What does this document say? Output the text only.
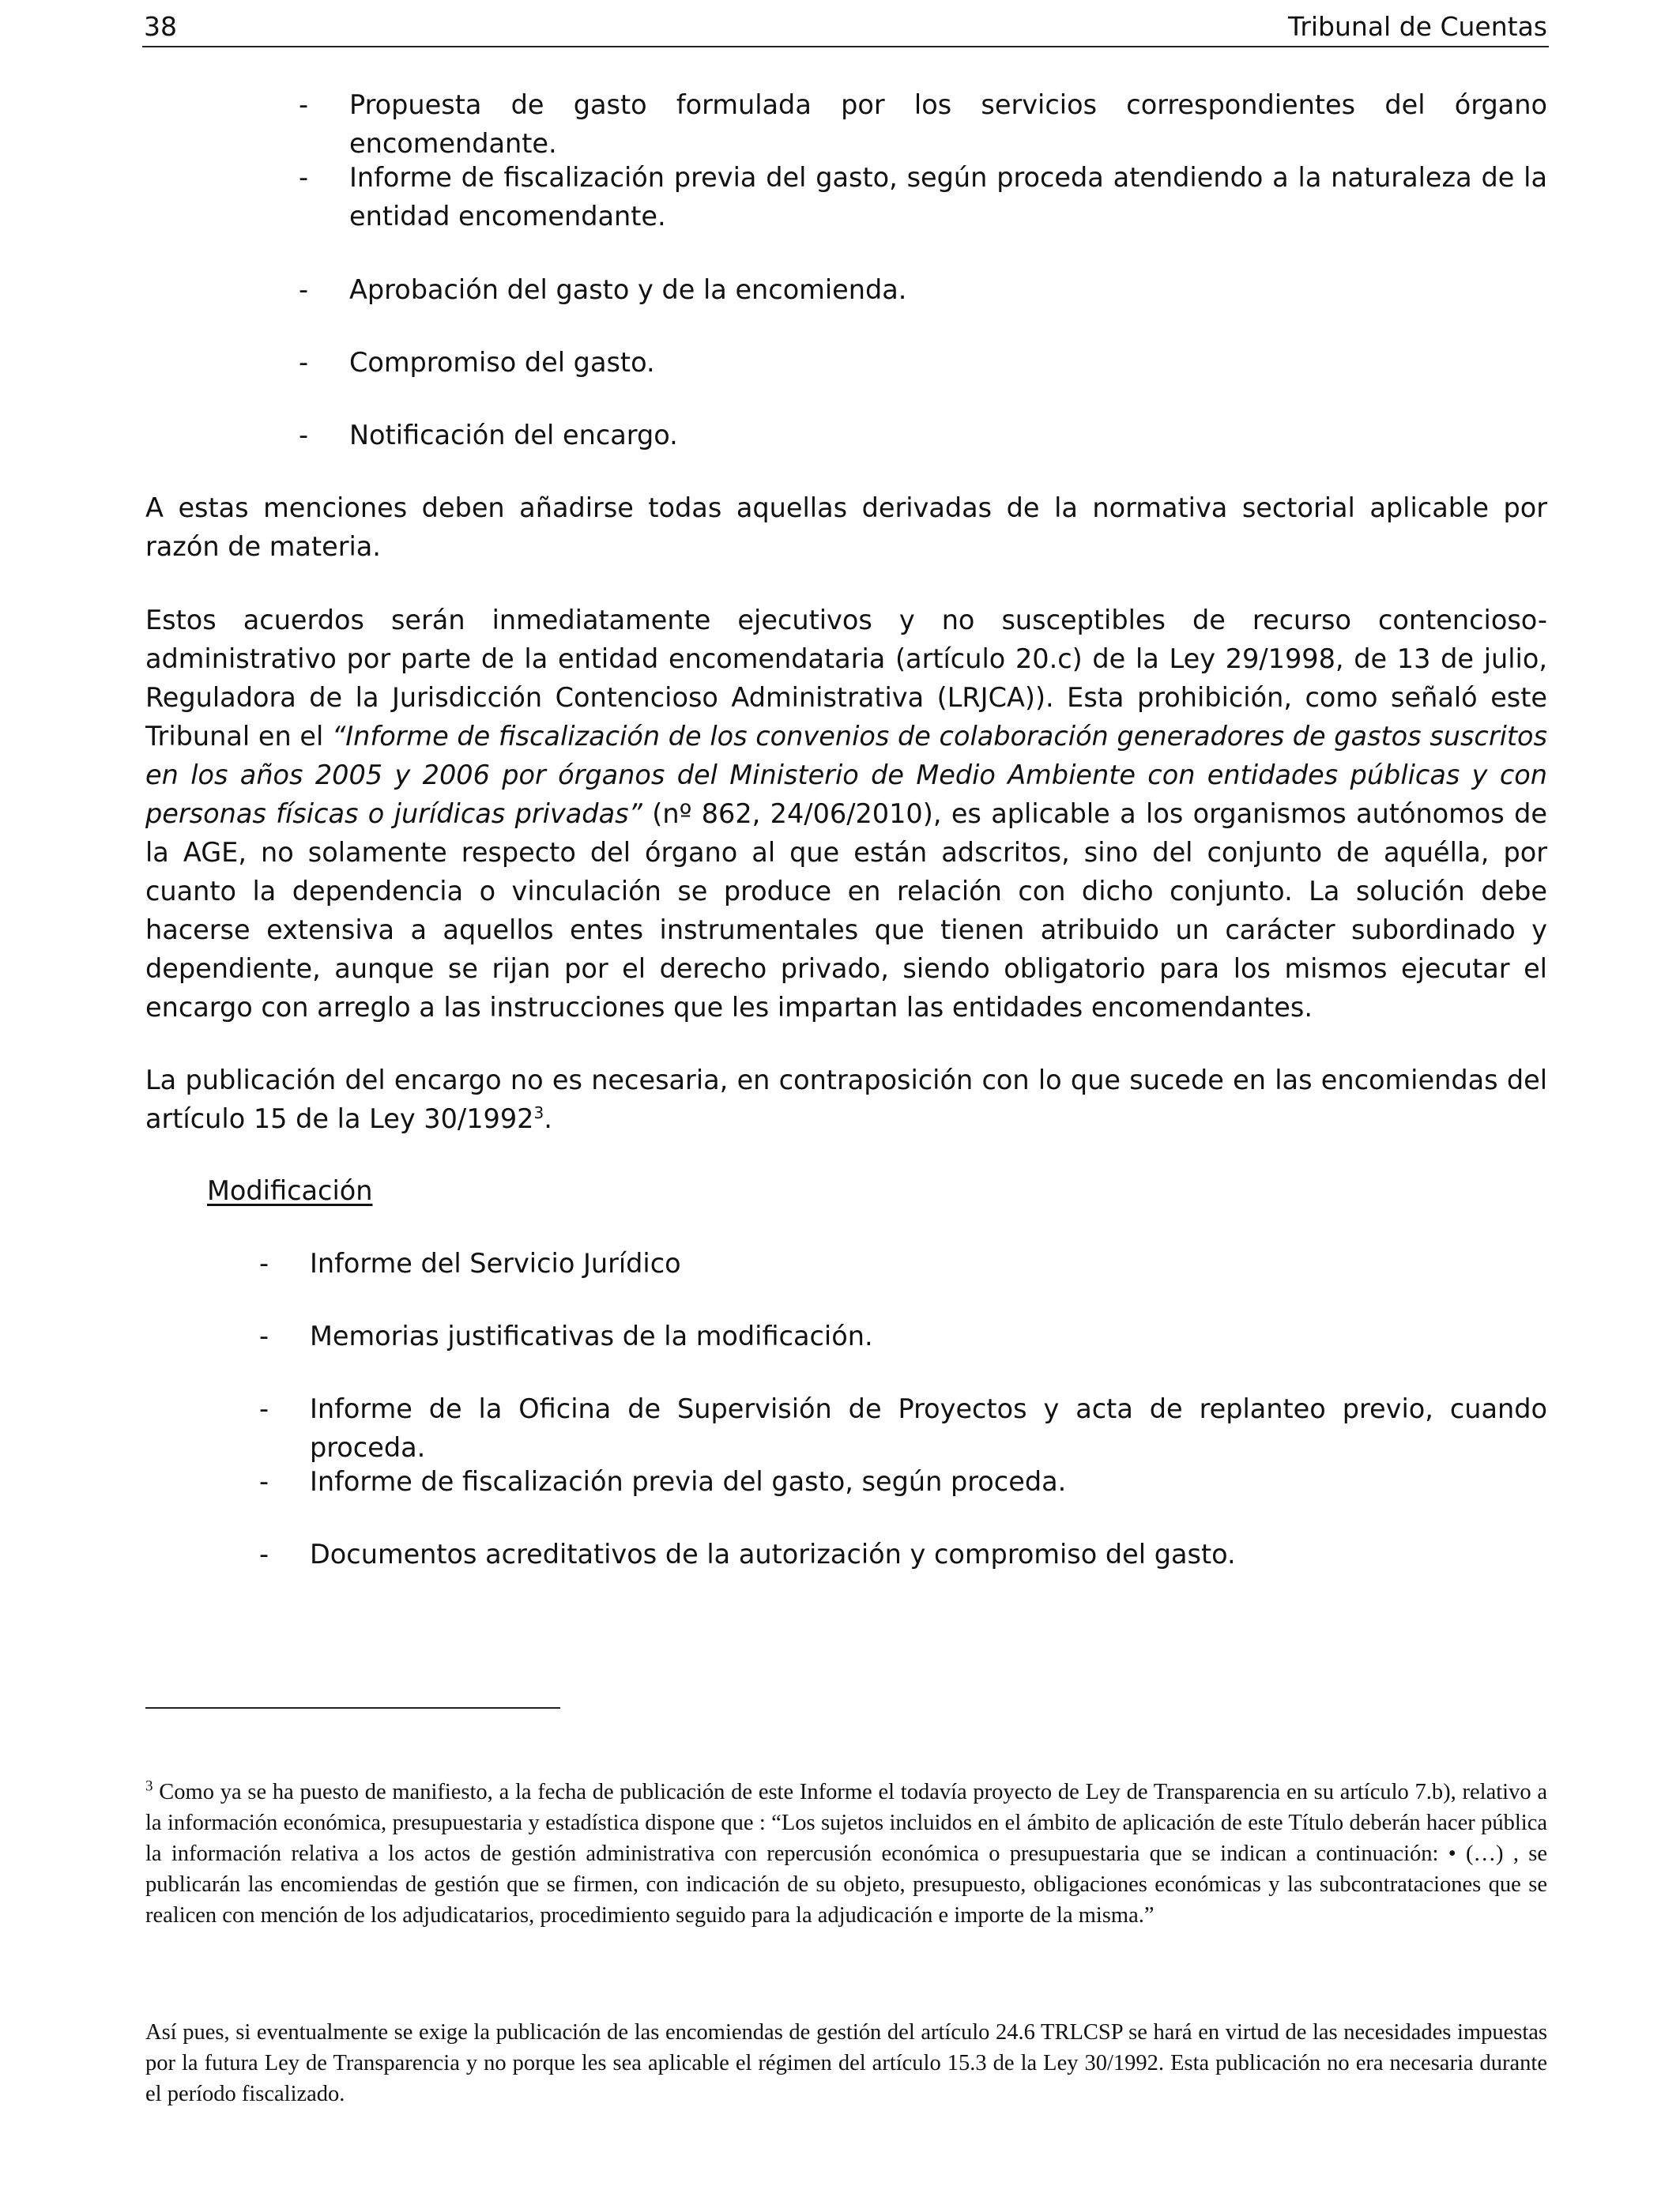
38	Tribunal de Cuentas
- Propuesta de gasto formulada por los servicios correspondientes del órgano encomendante.
- Informe de fiscalización previa del gasto, según proceda atendiendo a la naturaleza de la entidad encomendante.
- Aprobación del gasto y de la encomienda.
- Compromiso del gasto.
- Notificación del encargo.
A estas menciones deben añadirse todas aquellas derivadas de la normativa sectorial aplicable por razón de materia.
Estos acuerdos serán inmediatamente ejecutivos y no susceptibles de recurso contencioso-administrativo por parte de la entidad encomendataria (artículo 20.c) de la Ley 29/1998, de 13 de julio, Reguladora de la Jurisdicción Contencioso Administrativa (LRJCA)). Esta prohibición, como señaló este Tribunal en el “Informe de fiscalización de los convenios de colaboración generadores de gastos suscritos en los años 2005 y 2006 por órganos del Ministerio de Medio Ambiente con entidades públicas y con personas físicas o jurídicas privadas” (nº 862, 24/06/2010), es aplicable a los organismos autónomos de la AGE, no solamente respecto del órgano al que están adscritos, sino del conjunto de aquélla, por cuanto la dependencia o vinculación se produce en relación con dicho conjunto. La solución debe hacerse extensiva a aquellos entes instrumentales que tienen atribuido un carácter subordinado y dependiente, aunque se rijan por el derecho privado, siendo obligatorio para los mismos ejecutar el encargo con arreglo a las instrucciones que les impartan las entidades encomendantes.
La publicación del encargo no es necesaria, en contraposición con lo que sucede en las encomiendas del artículo 15 de la Ley 30/1992$^3$.
Modificación
- Informe del Servicio Jurídico
- Memorias justificativas de la modificación.
- Informe de la Oficina de Supervisión de Proyectos y acta de replanteo previo, cuando proceda.
- Informe de fiscalización previa del gasto, según proceda.
- Documentos acreditativos de la autorización y compromiso del gasto.
$^3$ Como ya se ha puesto de manifiesto, a la fecha de publicación de este Informe el todavía proyecto de Ley de Transparencia en su artículo 7.b), relativo a la información económica, presupuestaria y estadística dispone que : “Los sujetos incluidos en el ámbito de aplicación de este Título deberán hacer pública la información relativa a los actos de gestión administrativa con repercusión económica o presupuestaria que se indican a continuación: • (…) , se publicarán las encomiendas de gestión que se firmen, con indicación de su objeto, presupuesto, obligaciones económicas y las subcontrataciones que se realicen con mención de los adjudicatarios, procedimiento seguido para la adjudicación e importe de la misma.”
Así pues, si eventualmente se exige la publicación de las encomiendas de gestión del artículo 24.6 TRLCSP se hará en virtud de las necesidades impuestas por la futura Ley de Transparencia y no porque les sea aplicable el régimen del artículo 15.3 de la Ley 30/1992. Esta publicación no era necesaria durante el período fiscalizado.
